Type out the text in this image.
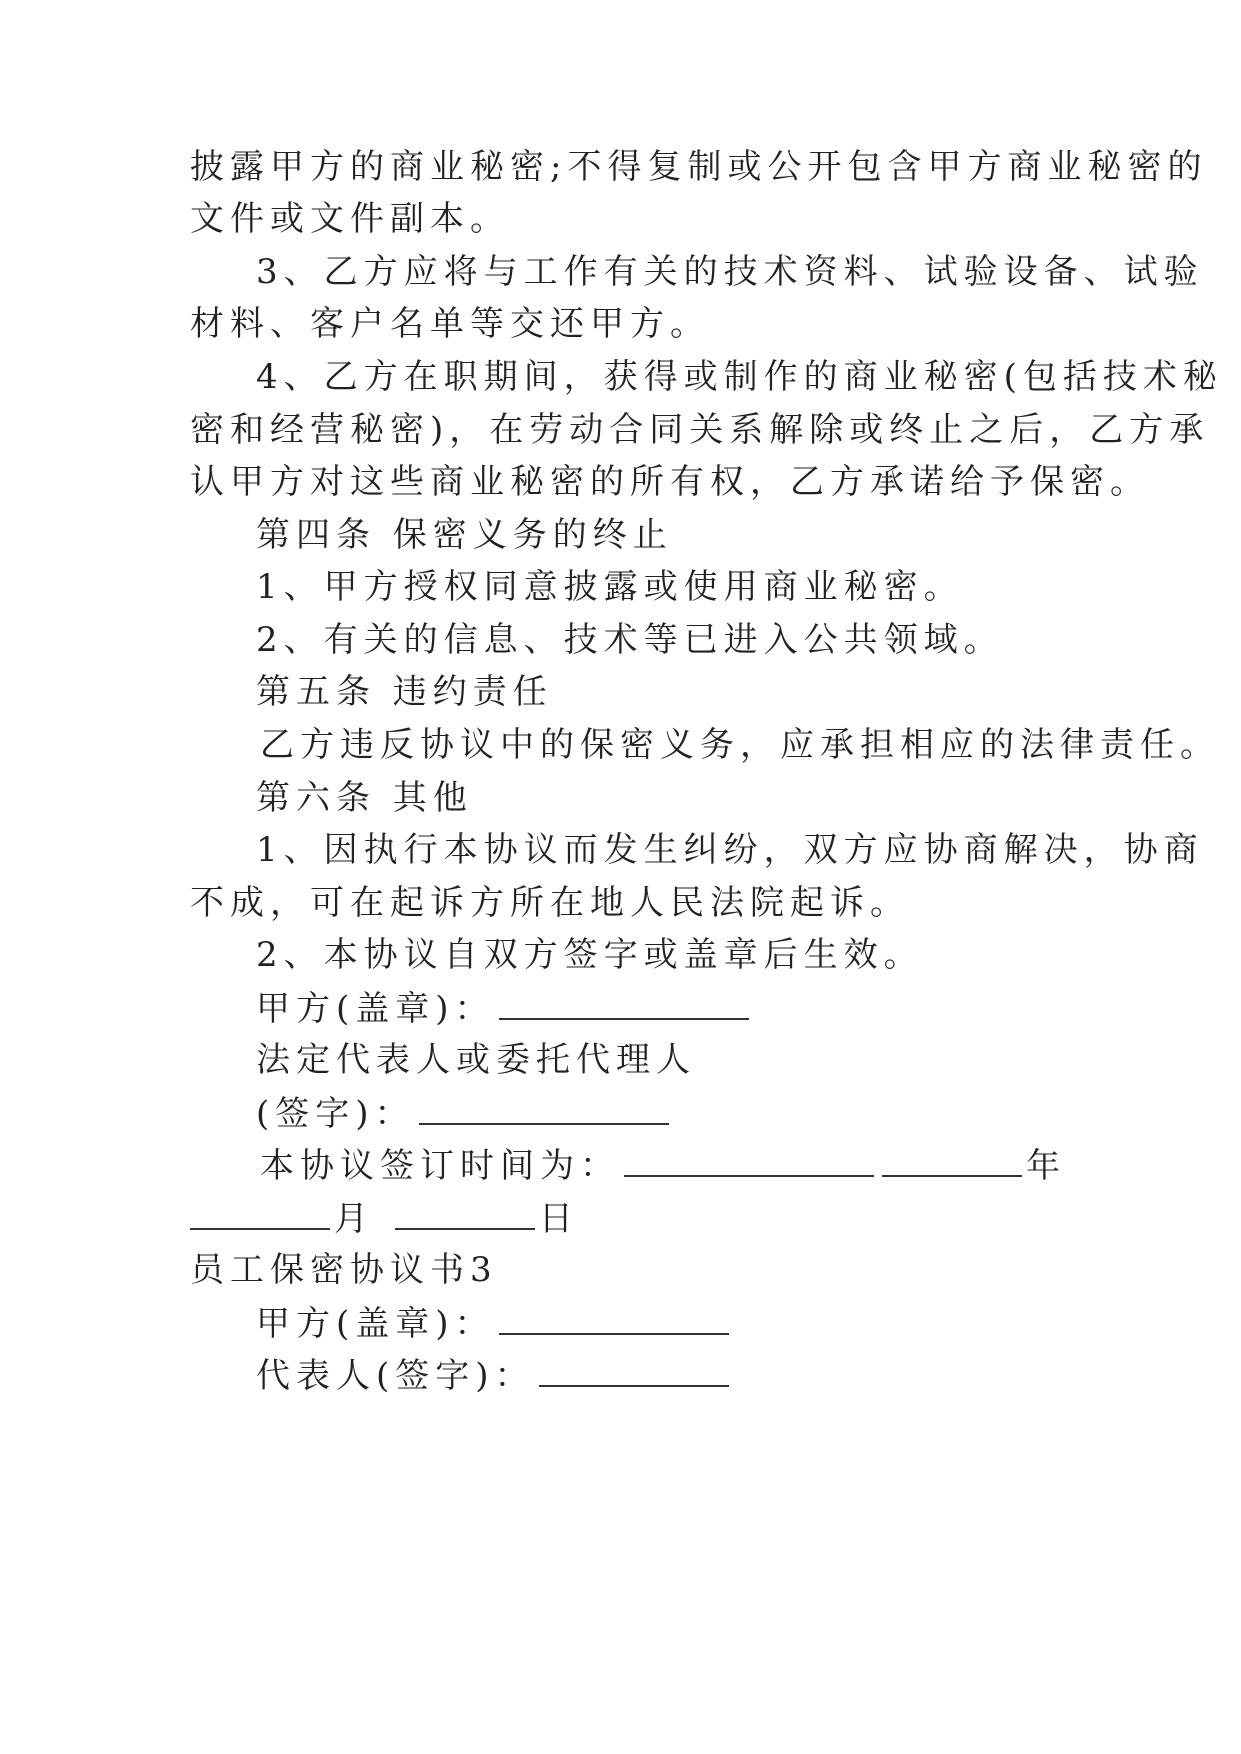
披露甲方的商业秘密;不得复制或公开包含甲方商业秘密的
文件或文件副本。
3、乙方应将与工作有关的技术资料、试验设备、试验
材料、客户名单等交还甲方。
4、乙方在职期间，获得或制作的商业秘密(包括技术秘
密和经营秘密)，在劳动合同关系解除或终止之后，乙方承
认甲方对这些商业秘密的所有权，乙方承诺给予保密。
第四条 保密义务的终止
1、甲方授权同意披露或使用商业秘密。
2、有关的信息、技术等已进入公共领域。
第五条 违约责任
乙方违反协议中的保密义务，应承担相应的法律责任。
第六条 其他
1、因执行本协议而发生纠纷，双方应协商解决，协商
不成，可在起诉方所在地人民法院起诉。
2、本协议自双方签字或盖章后生效。
甲方(盖章)：
法定代表人或委托代理人
(签字)：
本协议签订时间为：	年
月	日
员工保密协议书3
甲方(盖章)：
代表人(签字)：
